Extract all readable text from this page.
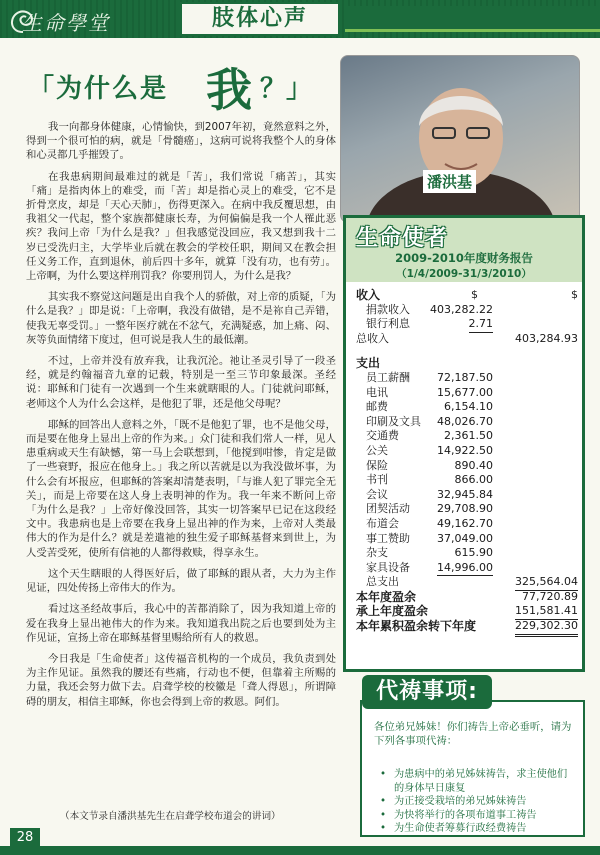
生命學堂	肢体心声
「为什么是 我 ？」

我一向都身体健康，心情愉快，到2007年初，竟然意料之外，得到一个很可怕的病，就是「骨髓癌」，这病可说将我整个人的身体和心灵都几乎摧毁了。

在我患病期间最难过的就是「苦」，我们常说「痛苦」，其实「痛」是指肉体上的难受，而「苦」却是指心灵上的难受，它不是折骨烹皮，却是「天心天肺」，伤得更深入。在病中我反覆思想，由我祖父一代起，整个家族都健康长寿，为何偏偏是我一个人罹此恶疾？我问上帝「为什么是我？」但我感觉没回应，我又想到我十二岁已受洗归主，大学毕业后就在教会的学校任职，期间又在教会担任义务工作，直到退休，前后四十多年，就算「没有功，也有劳」。上帝啊，为什么要这样刑罚我？你要刑罚人，为什么是我？

其实我不察觉这问题是出自我个人的骄傲，对上帝的质疑，「为什么是我？」即是说：「上帝啊，我没有做错，是不是祢自己弄错，使我无辜受罚。」一整年医疗就在不忿气，充满疑惑，加上痛、闷、灰等负面情绪下度过，但可说是我人生的最低潮。

不过，上帝并没有放弃我，让我沉沦。祂让圣灵引导了一段圣经，就是约翰福音九章的记载，特别是一至三节印象最深。圣经说：耶稣和门徒有一次遇到一个生来就瞎眼的人。门徒就问耶稣，老师这个人为什么会这样，是他犯了罪，还是他父母呢？

耶稣的回答出人意料之外，「既不是他犯了罪，也不是他父母，而是要在他身上显出上帝的作为来。」众门徒和我们常人一样，见人患重病或天生有缺憾，第一马上会联想到，「他搅到咁惨，肯定是做了一些衰野，报应在他身上。」我之所以苦就是以为我没做坏事，为什么会有坏报应，但耶稣的答案却清楚表明，「与谁人犯了罪完全无关」，而是上帝要在这人身上表明神的作为。我一年来不断问上帝「为什么是我？」上帝好像没回答，其实一切答案早已记在这段经文中。我患病也是上帝要在我身上显出神的作为来，上帝对人类最伟大的作为是什么？就是差遣祂的独生爱子耶稣基督来到世上，为人受苦受死，使所有信祂的人都得救赎，得享永生。

这个天生瞎眼的人得医好后，做了耶稣的跟从者，大力为主作见证，四处传扬上帝伟大的作为。

看过这圣经故事后，我心中的苦都消除了，因为我知道上帝的爱在我身上显出祂伟大的作为来。我知道我出院之后也要到处为主作见证，宣扬上帝在耶稣基督里赐给所有人的救恩。

今日我是「生命使者」这传福音机构的一个成员，我负责到处为主作见证。虽然我的腰还有些痛，行动也不便，但靠着主所赐的力量，我还会努力做下去。启聋学校的校徽是「聋人得恩」，所谓障碍的朋友，相信主耶稣，你也会得到上帝的救恩。阿们。

（本文节录自潘洪基先生在启聋学校布道会的讲词）
潘洪基
生命使者
2009-2010年度财务报告
（1/4/2009-31/3/2010）
收入	$	$
捐款收入 403,282.22
银行利息	2.71
总收入	403,284.93
支出
员工薪酬 72,187.50
电讯	15,677.00
邮费	6,154.10
印刷及文具 48,026.70
交通费	2,361.50
公关	14,922.50
保险	890.40
书刊	866.00
会议	32,945.84
团契活动 29,708.90
布道会	49,162.70
事工赞助 37,049.00
杂支	615.90
家具设备 14,996.00
总支出	325,564.04
本年度盈余	77,720.89
承上年度盈余	151,581.41
本年累积盈余转下年度	229,302.30
各位弟兄姊妹！你们祷告上帝必垂听，请为下列各事项代祷：
• 为患病中的弟兄姊妹祷告，求主使他们的身体早日康复
• 为正接受栽培的弟兄姊妹祷告
• 为快将举行的各项布道事工祷告
• 为生命使者筹募行政经费祷告
代祷事项:
28
